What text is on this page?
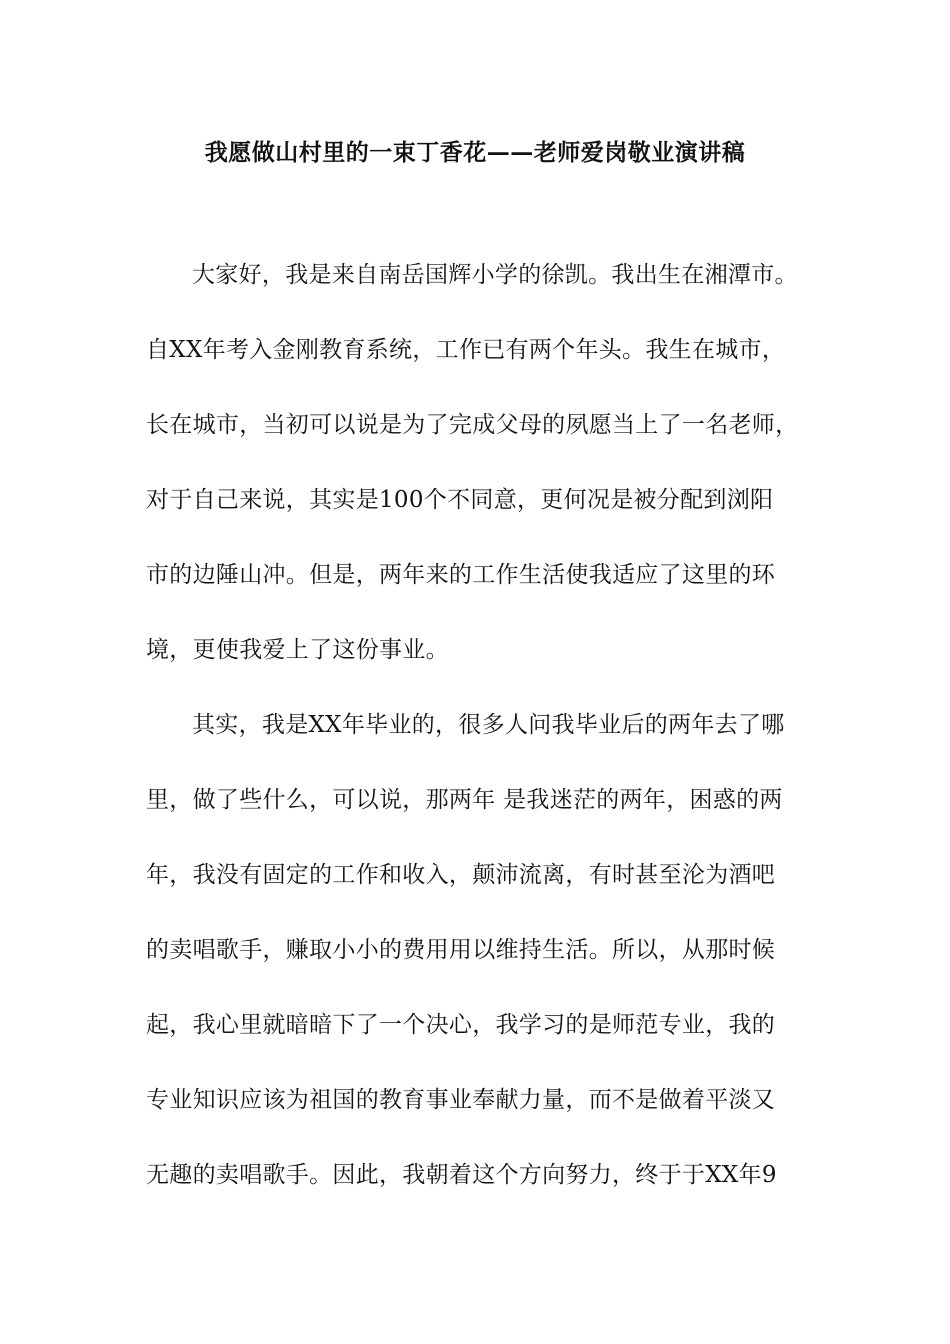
我愿做山村里的一束丁香花——老师爱岗敬业演讲稿
大家好，我是来自南岳国辉小学的徐凯。我出生在湘潭市。
自XX年考入金刚教育系统，工作已有两个年头。我生在城市，
长在城市，当初可以说是为了完成父母的夙愿当上了一名老师，
对于自己来说，其实是100个不同意，更何况是被分配到浏阳
市的边陲山冲。但是，两年来的工作生活使我适应了这里的环
境，更使我爱上了这份事业。
其实，我是XX年毕业的，很多人问我毕业后的两年去了哪
里，做了些什么，可以说，那两年 是我迷茫的两年，困惑的两
年，我没有固定的工作和收入，颠沛流离，有时甚至沦为酒吧
的卖唱歌手，赚取小小的费用用以维持生活。所以，从那时候
起，我心里就暗暗下了一个决心，我学习的是师范专业，我的
专业知识应该为祖国的教育事业奉献力量，而不是做着平淡又
无趣的卖唱歌手。因此，我朝着这个方向努力，终于于XX年9
